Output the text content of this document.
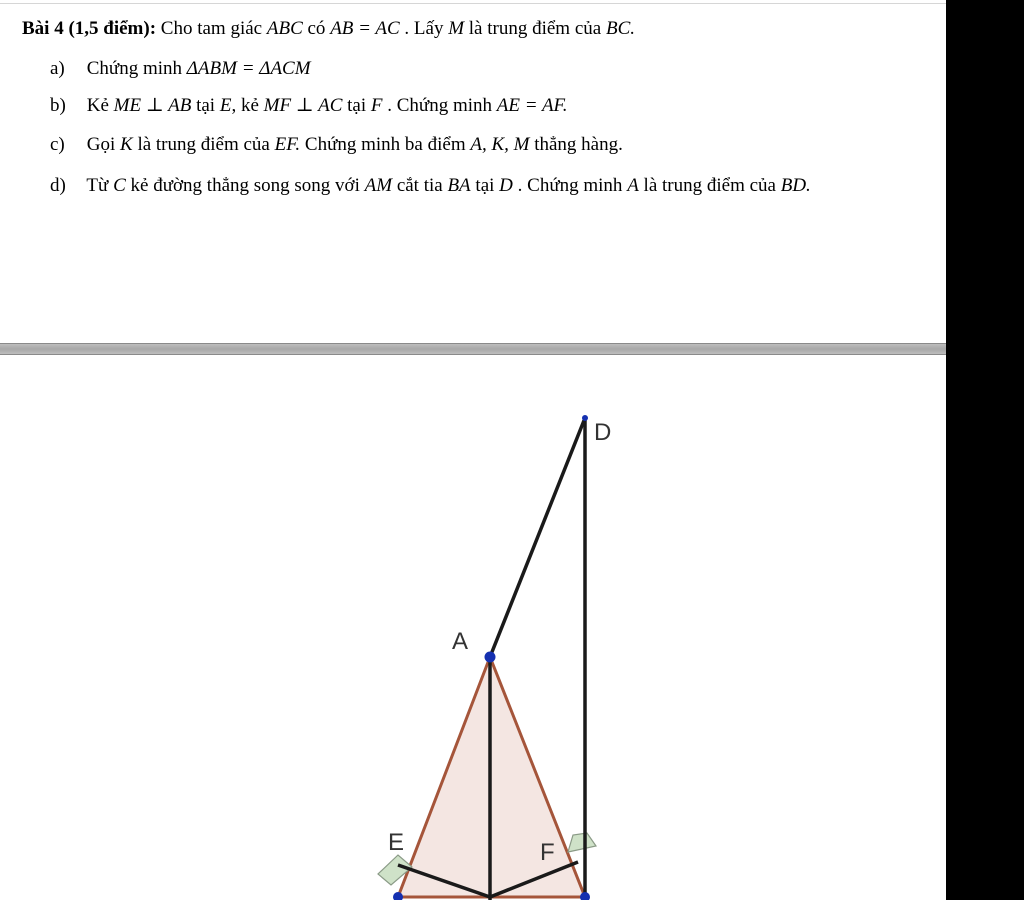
Bài 4 (1,5 điểm): Cho tam giác ABC có AB = AC . Lấy M là trung điểm của BC.
a) Chứng minh ΔABM = ΔACM
b) Kẻ ME ⊥ AB tại E, kẻ MF ⊥ AC tại F . Chứng minh AE = AF.
c) Gọi K là trung điểm của EF. Chứng minh ba điểm A, K, M thẳng hàng.
d) Từ C kẻ đường thẳng song song với AM cắt tia BA tại D . Chứng minh A là trung điểm của BD.
D
A
E	F
